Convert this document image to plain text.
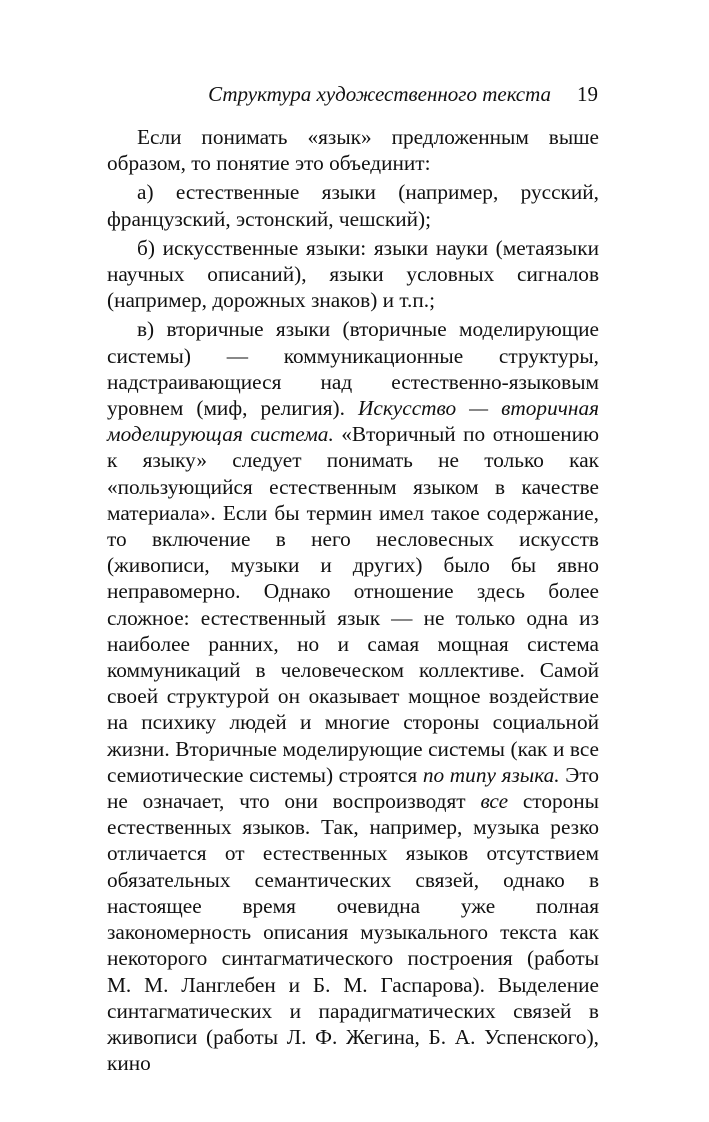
Структура художественного текста 19

Если понимать «язык» предложенным выше образом, то понятие это объединит:

а) естественные языки (например, русский, французский, эстонский, чешский);

б) искусственные языки: языки науки (метаязыки научных описаний), языки условных сигналов (например, дорожных знаков) и т.п.;

в) вторичные языки (вторичные моделирующие системы) — коммуникационные структуры, надстраивающиеся над естественно-языковым уровнем (миф, религия). Искусство — вторичная моделирующая система. «Вторичный по отношению к языку» следует понимать не только как «пользующийся естественным языком в качестве материала». Если бы термин имел такое содержание, то включение в него несловесных искусств (живописи, музыки и других) было бы явно неправомерно. Однако отношение здесь более сложное: естественный язык — не только одна из наиболее ранних, но и самая мощная система коммуникаций в человеческом коллективе. Самой своей структурой он оказывает мощное воздействие на психику людей и многие стороны социальной жизни. Вторичные моделирующие системы (как и все семиотические системы) строятся по типу языка. Это не означает, что они воспроизводят все стороны естественных языков. Так, например, музыка резко отличается от естественных языков отсутствием обязательных семантических связей, однако в настоящее время очевидна уже полная закономерность описания музыкального текста как некоторого синтагматического построения (работы М. М. Ланглебен и Б. М. Гаспарова). Выделение синтагматических и парадигматических связей в живописи (работы Л. Ф. Жегина, Б. А. Успенского), кино
